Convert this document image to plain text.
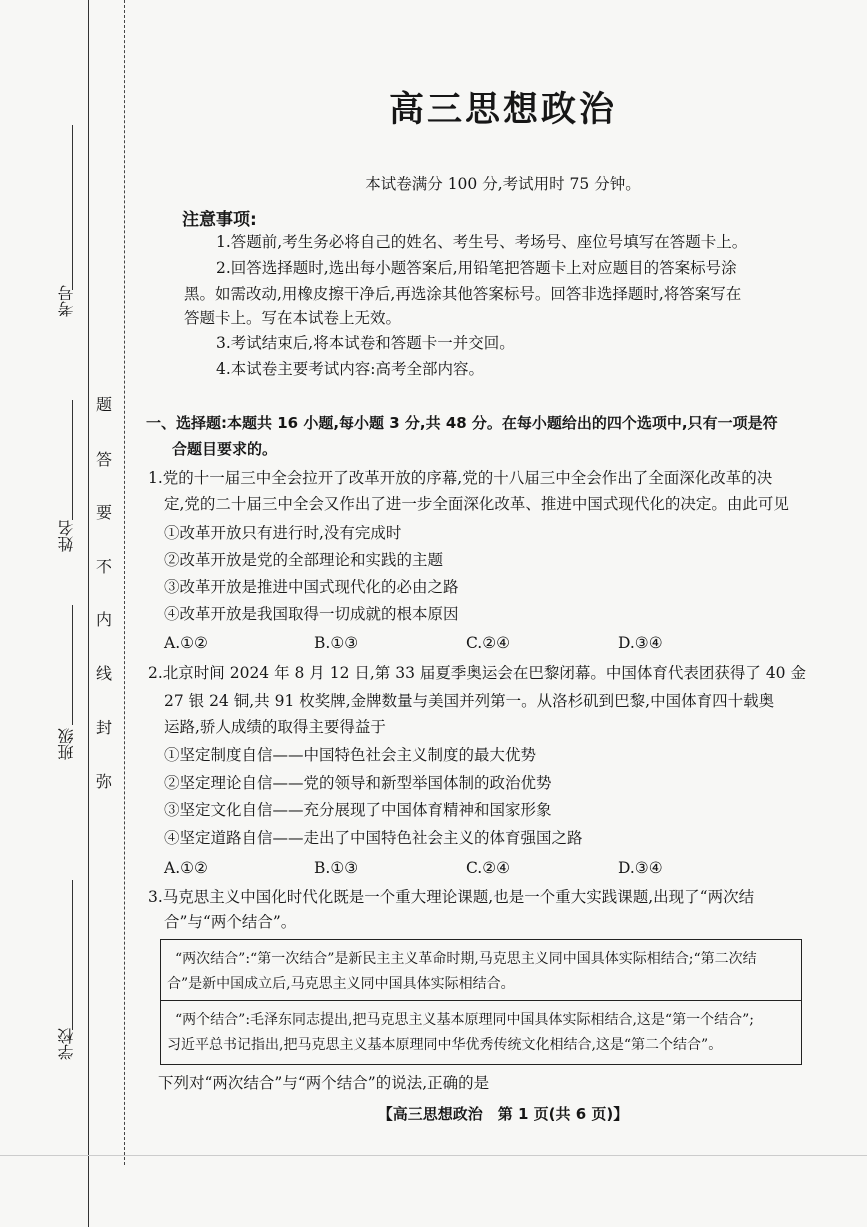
考号
姓名
班级
学校
题
答
要
不
内
线
封
弥
高三思想政治
本试卷满分 100 分,考试用时 75 分钟。
注意事项:
1.答题前,考生务必将自己的姓名、考生号、考场号、座位号填写在答题卡上。
2.回答选择题时,选出每小题答案后,用铅笔把答题卡上对应题目的答案标号涂
黑。如需改动,用橡皮擦干净后,再选涂其他答案标号。回答非选择题时,将答案写在
答题卡上。写在本试卷上无效。
3.考试结束后,将本试卷和答题卡一并交回。
4.本试卷主要考试内容:高考全部内容。
一、选择题:本题共 16 小题,每小题 3 分,共 48 分。在每小题给出的四个选项中,只有一项是符
合题目要求的。
1.党的十一届三中全会拉开了改革开放的序幕,党的十八届三中全会作出了全面深化改革的决
定,党的二十届三中全会又作出了进一步全面深化改革、推进中国式现代化的决定。由此可见
①改革开放只有进行时,没有完成时
②改革开放是党的全部理论和实践的主题
③改革开放是推进中国式现代化的必由之路
④改革开放是我国取得一切成就的根本原因
A.①②	B.①③	C.②④	D.③④
2.北京时间 2024 年 8 月 12 日,第 33 届夏季奥运会在巴黎闭幕。中国体育代表团获得了 40 金
27 银 24 铜,共 91 枚奖牌,金牌数量与美国并列第一。从洛杉矶到巴黎,中国体育四十载奥
运路,骄人成绩的取得主要得益于
①坚定制度自信——中国特色社会主义制度的最大优势
②坚定理论自信——党的领导和新型举国体制的政治优势
③坚定文化自信——充分展现了中国体育精神和国家形象
④坚定道路自信——走出了中国特色社会主义的体育强国之路
A.①②	B.①③	C.②④	D.③④
3.马克思主义中国化时代化既是一个重大理论课题,也是一个重大实践课题,出现了“两次结
合”与“两个结合”。
“两次结合”:“第一次结合”是新民主主义革命时期,马克思主义同中国具体实际相结合;“第二次结
合”是新中国成立后,马克思主义同中国具体实际相结合。
“两个结合”:毛泽东同志提出,把马克思主义基本原理同中国具体实际相结合,这是“第一个结合”;
习近平总书记指出,把马克思主义基本原理同中华优秀传统文化相结合,这是“第二个结合”。
下列对“两次结合”与“两个结合”的说法,正确的是
【高三思想政治　第 1 页(共 6 页)】
